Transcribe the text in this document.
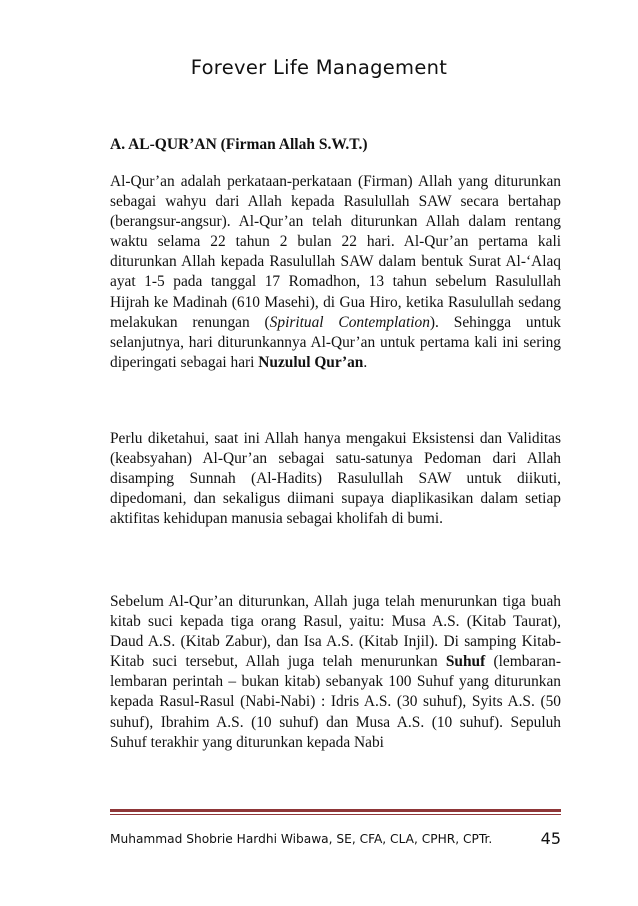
Forever Life Management
A. AL-QUR’AN (Firman Allah S.W.T.)

Al-Qur’an adalah perkataan-perkataan (Firman) Allah yang diturunkan sebagai wahyu dari Allah kepada Rasulullah SAW secara bertahap (berangsur-angsur). Al-Qur’an telah diturunkan Allah dalam rentang waktu selama 22 tahun 2 bulan 22 hari. Al-Qur’an pertama kali diturunkan Allah kepada Rasulullah SAW dalam bentuk Surat Al-‘Alaq ayat 1-5 pada tanggal 17 Romadhon, 13 tahun sebelum Rasulullah Hijrah ke Madinah (610 Masehi), di Gua Hiro, ketika Rasulullah sedang melakukan renungan (Spiritual Contemplation). Sehingga untuk selanjutnya, hari diturunkannya Al-Qur’an untuk pertama kali ini sering diperingati sebagai hari Nuzulul Qur’an.

Perlu diketahui, saat ini Allah hanya mengakui Eksistensi dan Validitas (keabsyahan) Al-Qur’an sebagai satu-satunya Pedoman dari Allah disamping Sunnah (Al-Hadits) Rasulullah SAW untuk diikuti, dipedomani, dan sekaligus diimani supaya diaplikasikan dalam setiap aktifitas kehidupan manusia sebagai kholifah di bumi.

Sebelum Al-Qur’an diturunkan, Allah juga telah menurunkan tiga buah kitab suci kepada tiga orang Rasul, yaitu: Musa A.S. (Kitab Taurat), Daud A.S. (Kitab Zabur), dan Isa A.S. (Kitab Injil). Di samping Kitab-Kitab suci tersebut, Allah juga telah menurunkan Suhuf (lembaran-lembaran perintah – bukan kitab) sebanyak 100 Suhuf yang diturunkan kepada Rasul-Rasul (Nabi-Nabi) : Idris A.S. (30 suhuf), Syits A.S. (50 suhuf), Ibrahim A.S. (10 suhuf) dan Musa A.S. (10 suhuf). Sepuluh Suhuf terakhir yang diturunkan kepada Nabi

Muhammad Shobrie Hardhi Wibawa, SE, CFA, CLA, CPHR, CPTr.	45
